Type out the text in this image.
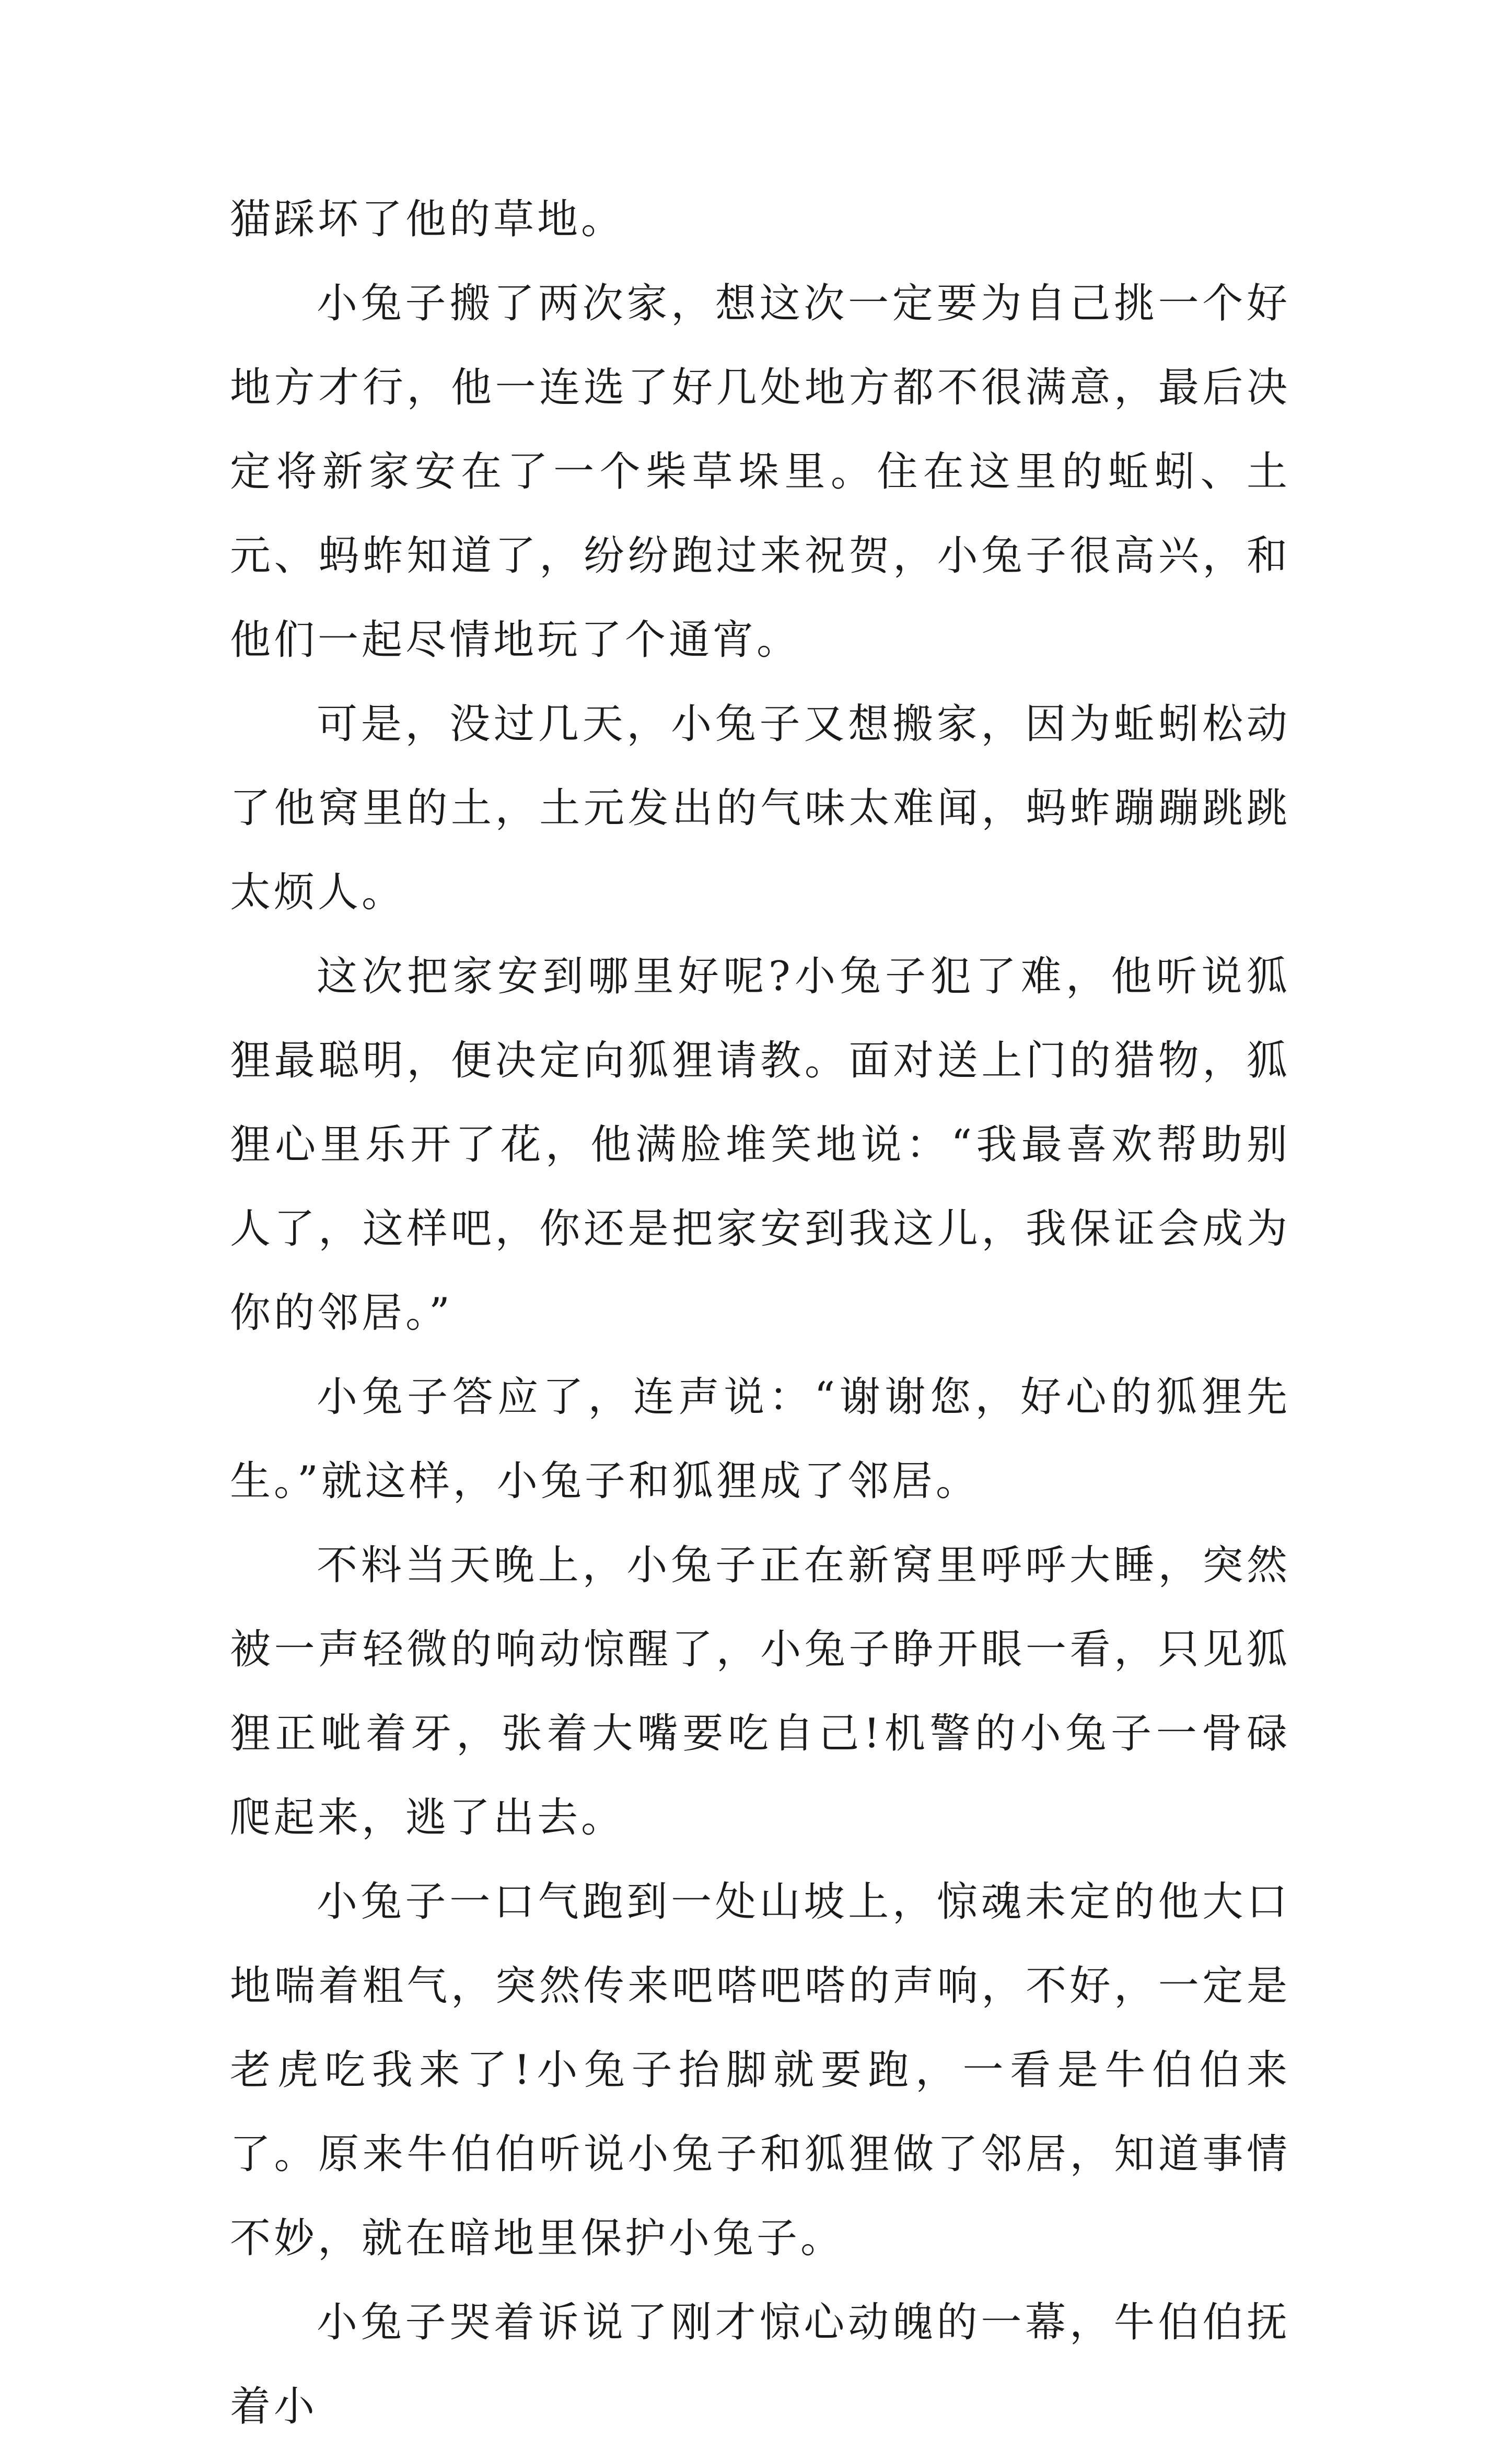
猫踩坏了他的草地。

小兔子搬了两次家，想这次一定要为自己挑一个好地方才行，他一连选了好几处地方都不很满意，最后决定将新家安在了一个柴草垛里。住在这里的蚯蚓、土元、蚂蚱知道了，纷纷跑过来祝贺，小兔子很高兴，和他们一起尽情地玩了个通宵。

可是，没过几天，小兔子又想搬家，因为蚯蚓松动了他窝里的土，土元发出的气味太难闻，蚂蚱蹦蹦跳跳太烦人。

这次把家安到哪里好呢?小兔子犯了难，他听说狐狸最聪明，便决定向狐狸请教。面对送上门的猎物，狐狸心里乐开了花，他满脸堆笑地说：“我最喜欢帮助别人了，这样吧，你还是把家安到我这儿，我保证会成为你的邻居。”

小兔子答应了，连声说：“谢谢您，好心的狐狸先生。”就这样，小兔子和狐狸成了邻居。

不料当天晚上，小兔子正在新窝里呼呼大睡，突然被一声轻微的响动惊醒了，小兔子睁开眼一看，只见狐狸正呲着牙，张着大嘴要吃自己!机警的小兔子一骨碌爬起来，逃了出去。

小兔子一口气跑到一处山坡上，惊魂未定的他大口地喘着粗气，突然传来吧嗒吧嗒的声响，不好，一定是老虎吃我来了!小兔子抬脚就要跑，一看是牛伯伯来了。原来牛伯伯听说小兔子和狐狸做了邻居，知道事情不妙，就在暗地里保护小兔子。

小兔子哭着诉说了刚才惊心动魄的一幕，牛伯伯抚着小
